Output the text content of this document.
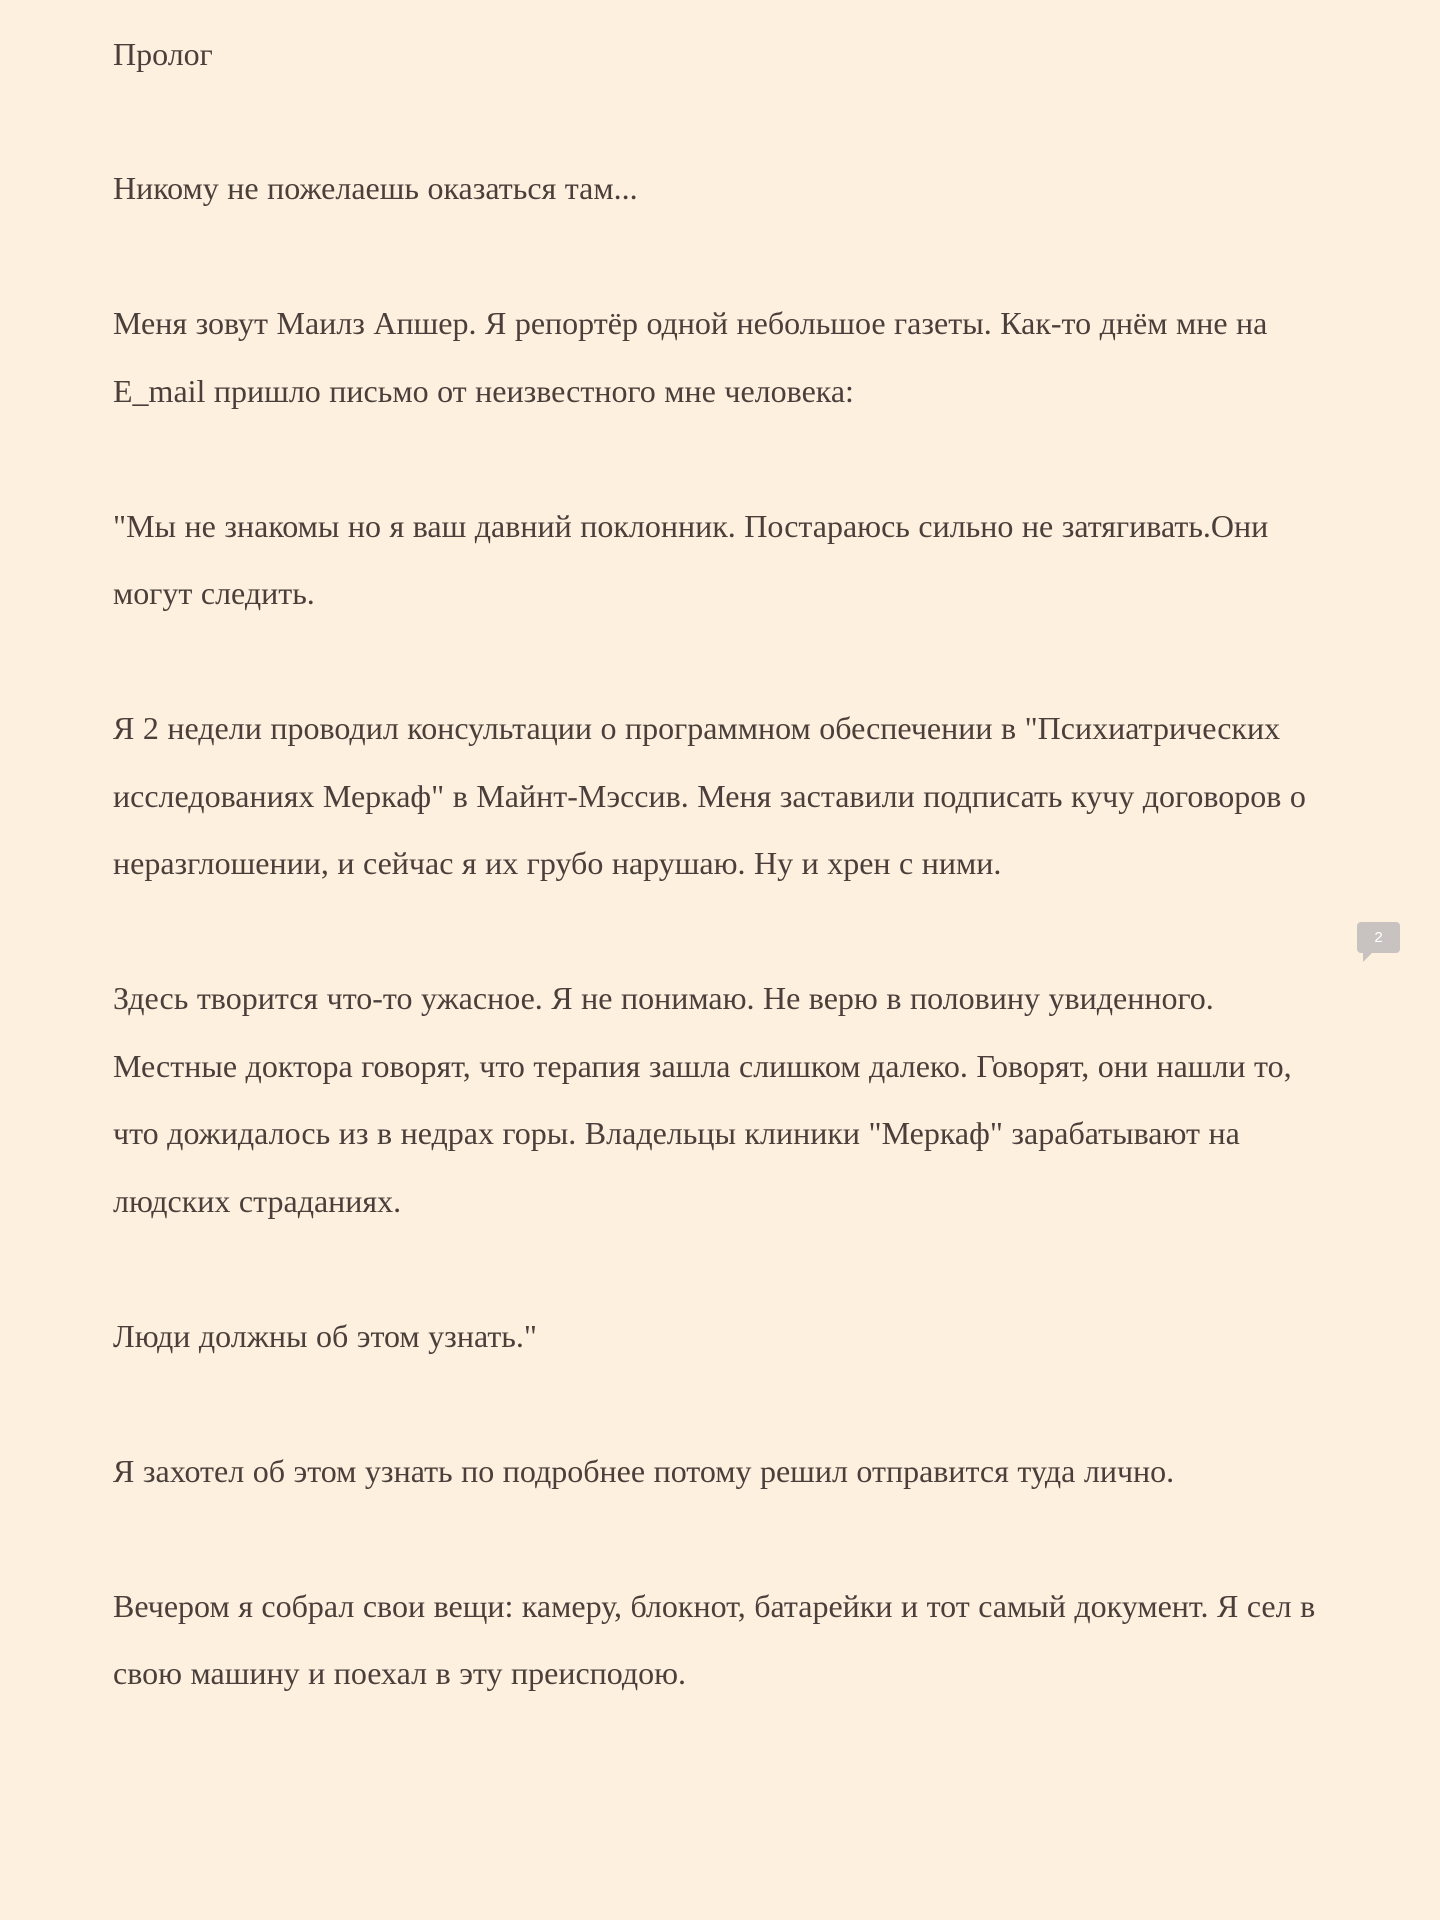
Пролог

Никому не пожелаешь оказаться там...

Меня зовут Маилз Апшер. Я репортёр одной небольшое газеты. Как-то днём мне на E_mail пришло письмо от неизвестного мне человека:

"Мы не знакомы но я ваш давний поклонник. Постараюсь сильно не затягивать.Они могут следить.

Я 2 недели проводил консультации о программном обеспечении в "Психиатрических исследованиях Меркаф" в Майнт-Мэссив. Меня заставили подписать кучу договоров о неразглошении, и сейчас я их грубо нарушаю. Ну и хрен с ними.

Здесь творится что-то ужасное. Я не понимаю. Не верю в половину увиденного. Местные доктора говорят, что терапия зашла слишком далеко. Говорят, они нашли то, что дожидалось из в недрах горы. Владельцы клиники "Меркаф" зарабатывают на людских страданиях.

Люди должны об этом узнать."

Я захотел об этом узнать по подробнее потому решил отправится туда лично.

Вечером я собрал свои вещи: камеру, блокнот, батарейки и тот самый документ. Я сел в свою машину и поехал в эту преисподою.

2
